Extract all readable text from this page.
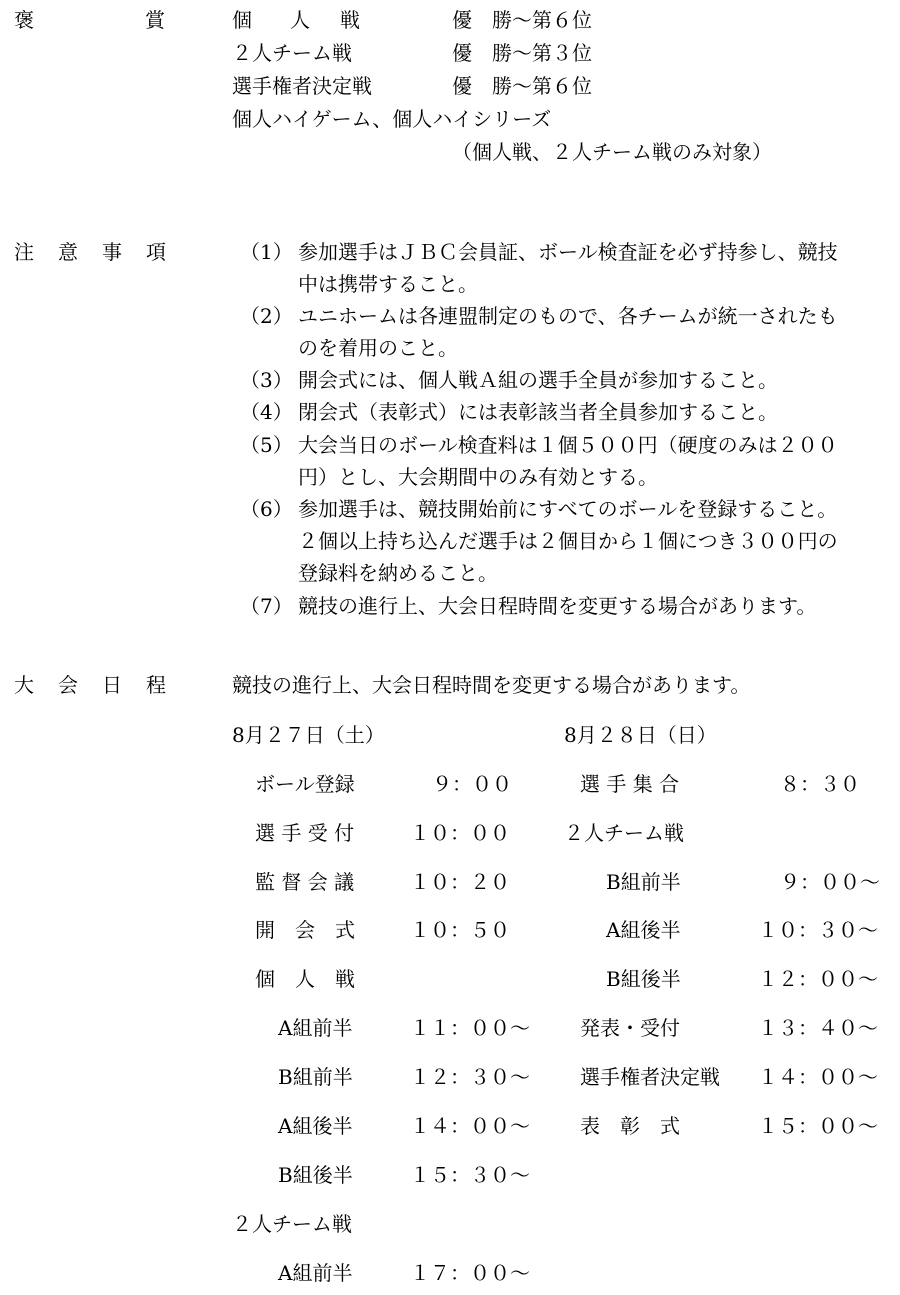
褒	賞	個 人 戦	優　勝～第６位
２人チーム戦	優　勝～第３位
選手権者決定戦	優　勝～第６位
個人ハイゲーム、個人ハイシリーズ
（個人戦、２人チーム戦のみ対象）
注 意 事 項	（1） 参加選手はＪＢＣ会員証、ボール検査証を必ず持参し、競技
中は携帯すること。
（2） ユニホームは各連盟制定のもので、各チームが統一されたも
のを着用のこと。
（3） 開会式には、個人戦Ａ組の選手全員が参加すること。
（4） 閉会式（表彰式）には表彰該当者全員参加すること。
（5） 大会当日のボール検査料は１個５００円（硬度のみは２００
円）とし、大会期間中のみ有効とする。
（6） 参加選手は、競技開始前にすべてのボールを登録すること。
２個以上持ち込んだ選手は２個目から１個につき３００円の
登録料を納めること。
（7） 競技の進行上、大会日程時間を変更する場合があります。
大 会 日 程	競技の進行上、大会日程時間を変更する場合があります。
8月２７日（土）
ボール登録	９：００
選 手 受 付	１０：００
監 督 会 議	１０：２０
開　会　式	１０：５０
個　人　戦
A組前半	１１：００～
B組前半	１２：３０～
A組後半	１４：００～
B組後半	１５：３０～
２人チーム戦
A組前半	１７：００～
8月２８日（日）
選 手 集 合	８：３０
２人チーム戦
B組前半	９：００～
A組後半	１０：３０～
B組後半	１２：００～
発表・受付	１３：４０～
選手権者決定戦 １４：００～
表　彰　式	１５：００～
